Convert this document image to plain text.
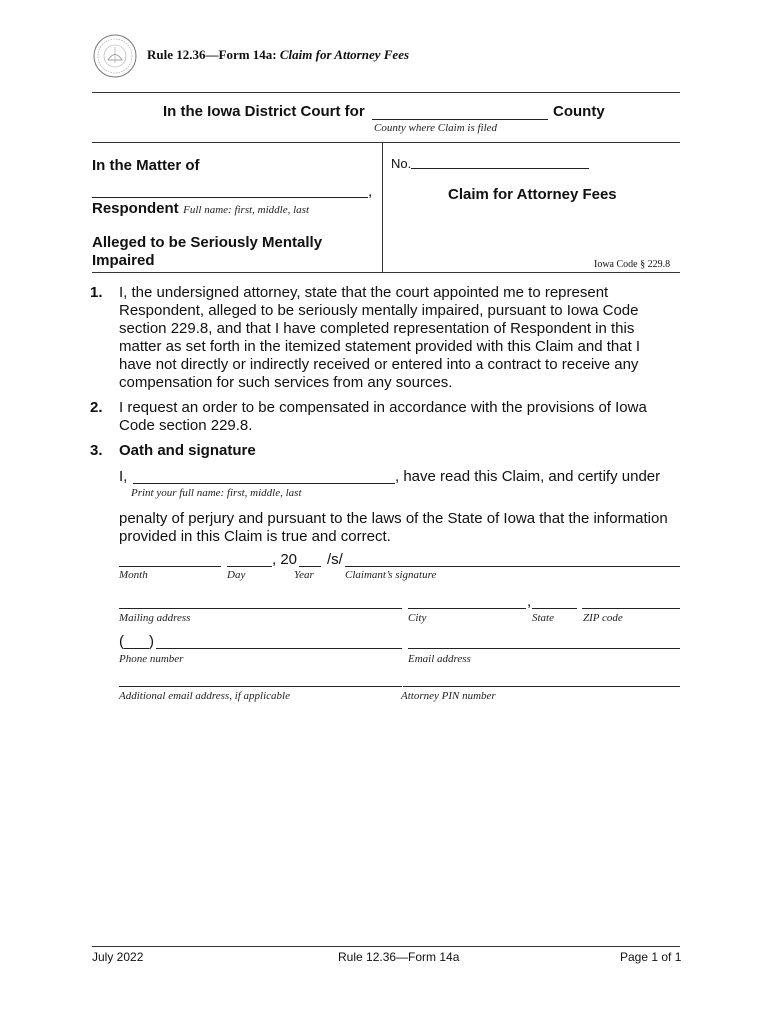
Rule 12.36—Form 14a: Claim for Attorney Fees
In the Iowa District Court for	County
County where Claim is filed
In the Matter of
,
Respondent Full name: first, middle, last
Alleged to be Seriously Mentally Impaired
No.
Claim for Attorney Fees
Iowa Code § 229.8
1. I, the undersigned attorney, state that the court appointed me to represent Respondent, alleged to be seriously mentally impaired, pursuant to Iowa Code section 229.8, and that I have completed representation of Respondent in this matter as set forth in the itemized statement provided with this Claim and that I have not directly or indirectly received or entered into a contract to receive any compensation for such services from any sources.
2. I request an order to be compensated in accordance with the provisions of Iowa Code section 229.8.
3. Oath and signature
I,	, have read this Claim, and certify under
Print your full name: first, middle, last
penalty of perjury and pursuant to the laws of the State of Iowa that the information provided in this Claim is true and correct.
, 20 /s/
Month	Day	Year	Claimant’s signature
,
Mailing address	City	State	ZIP code
(___)
Phone number	Email address
Additional email address, if applicable	Attorney PIN number
July 2022	Rule 12.36—Form 14a	Page 1 of 1
